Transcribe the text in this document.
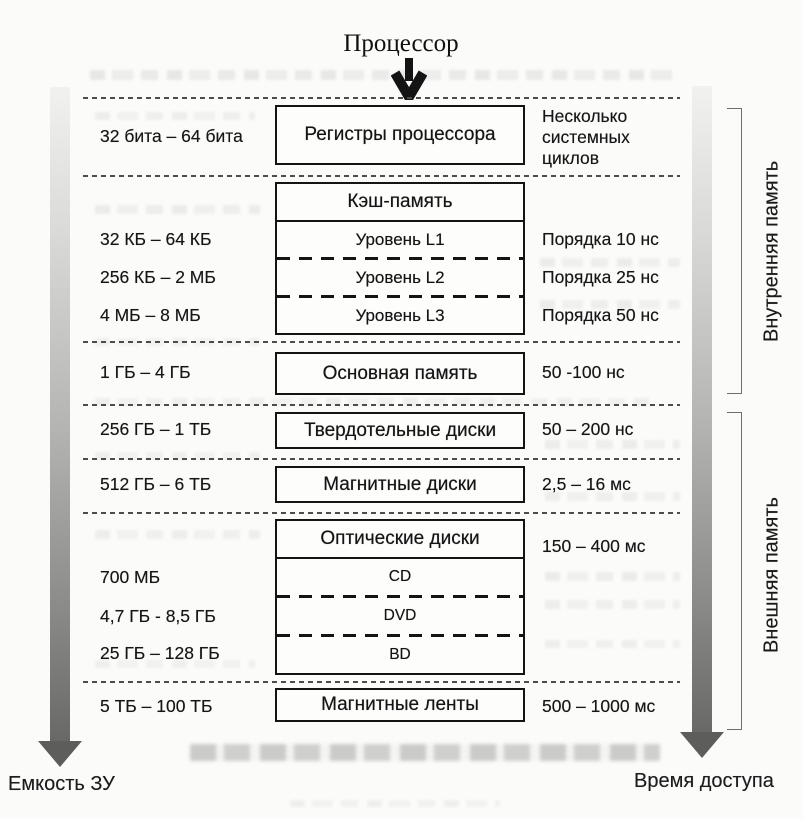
Процессор
Емкость ЗУ	Время доступа
32 бита – 64 бита
32 КБ – 64 КБ
256 КБ – 2 МБ
4 МБ – 8 МБ
1 ГБ – 4 ГБ
256 ГБ – 1 ТБ
512 ГБ – 6 ТБ
700 МБ
4,7 ГБ - 8,5 ГБ
25 ГБ – 128 ГБ
5 ТБ – 100 ТБ
Регистры процессора
Кэш-память
Уровень L1
Уровень L2
Уровень L3
Основная память
Твердотельные диски
Магнитные диски
Оптические диски
CD
DVD
BD
Магнитные ленты
Несколько
системных
циклов
Порядка 10 нс
Порядка 25 нс
Порядка 50 нс
50 -100 нс
50 – 200 нс
2,5 – 16 мс
150 – 400 мс
500 – 1000 мс
Внутренняя память
Внешняя память
